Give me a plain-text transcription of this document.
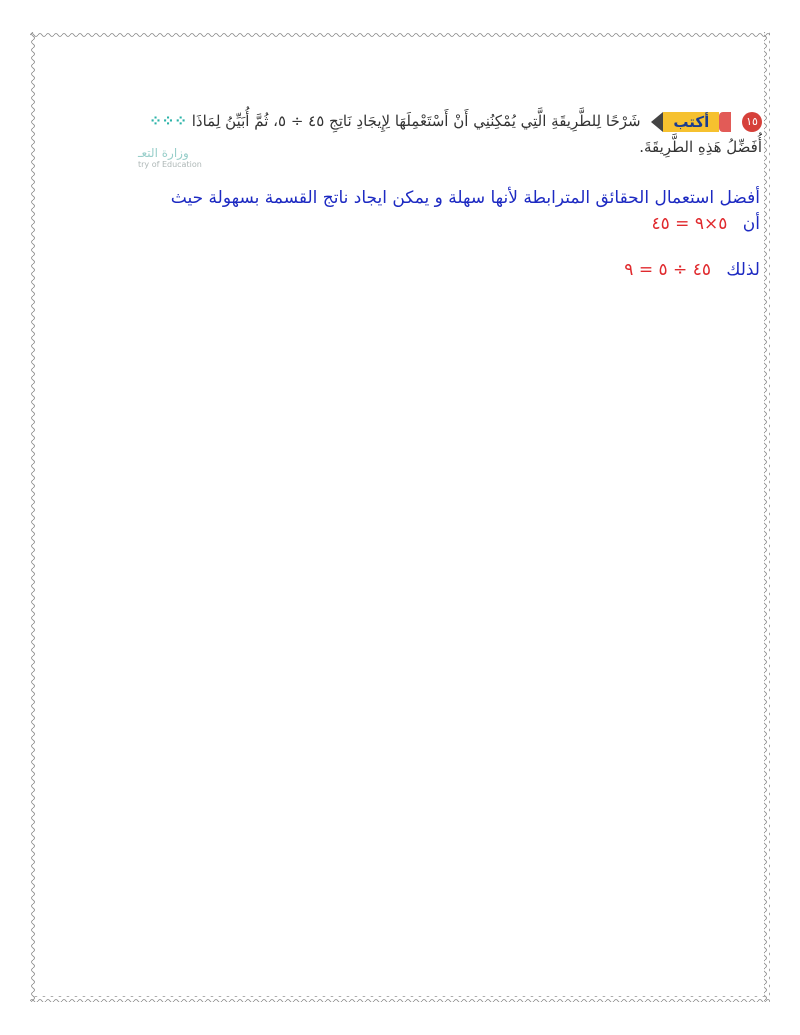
١٥
أكتب
شَرْحًا لِلطَّرِيقَةِ الَّتِي يُمْكِنُنِي أَنْ أَسْتَعْمِلَهَا لِإِيجَادِ نَاتِجِ ٤٥ ÷ ٥، ثُمَّ أُبَيِّنُ لِمَاذَا ⁘⁘⁘
أُفَضِّلُ هَذِهِ الطَّرِيقَةَ.
وزارة التعـ
try of Education
أفضل استعمال الحقائق المترابطة لأنها سهلة و يمكن ايجاد ناتج القسمة بسهولة حيث
أن ٥×٩ = ٤٥
لذلك ٤٥ ÷ ٥ = ٩
